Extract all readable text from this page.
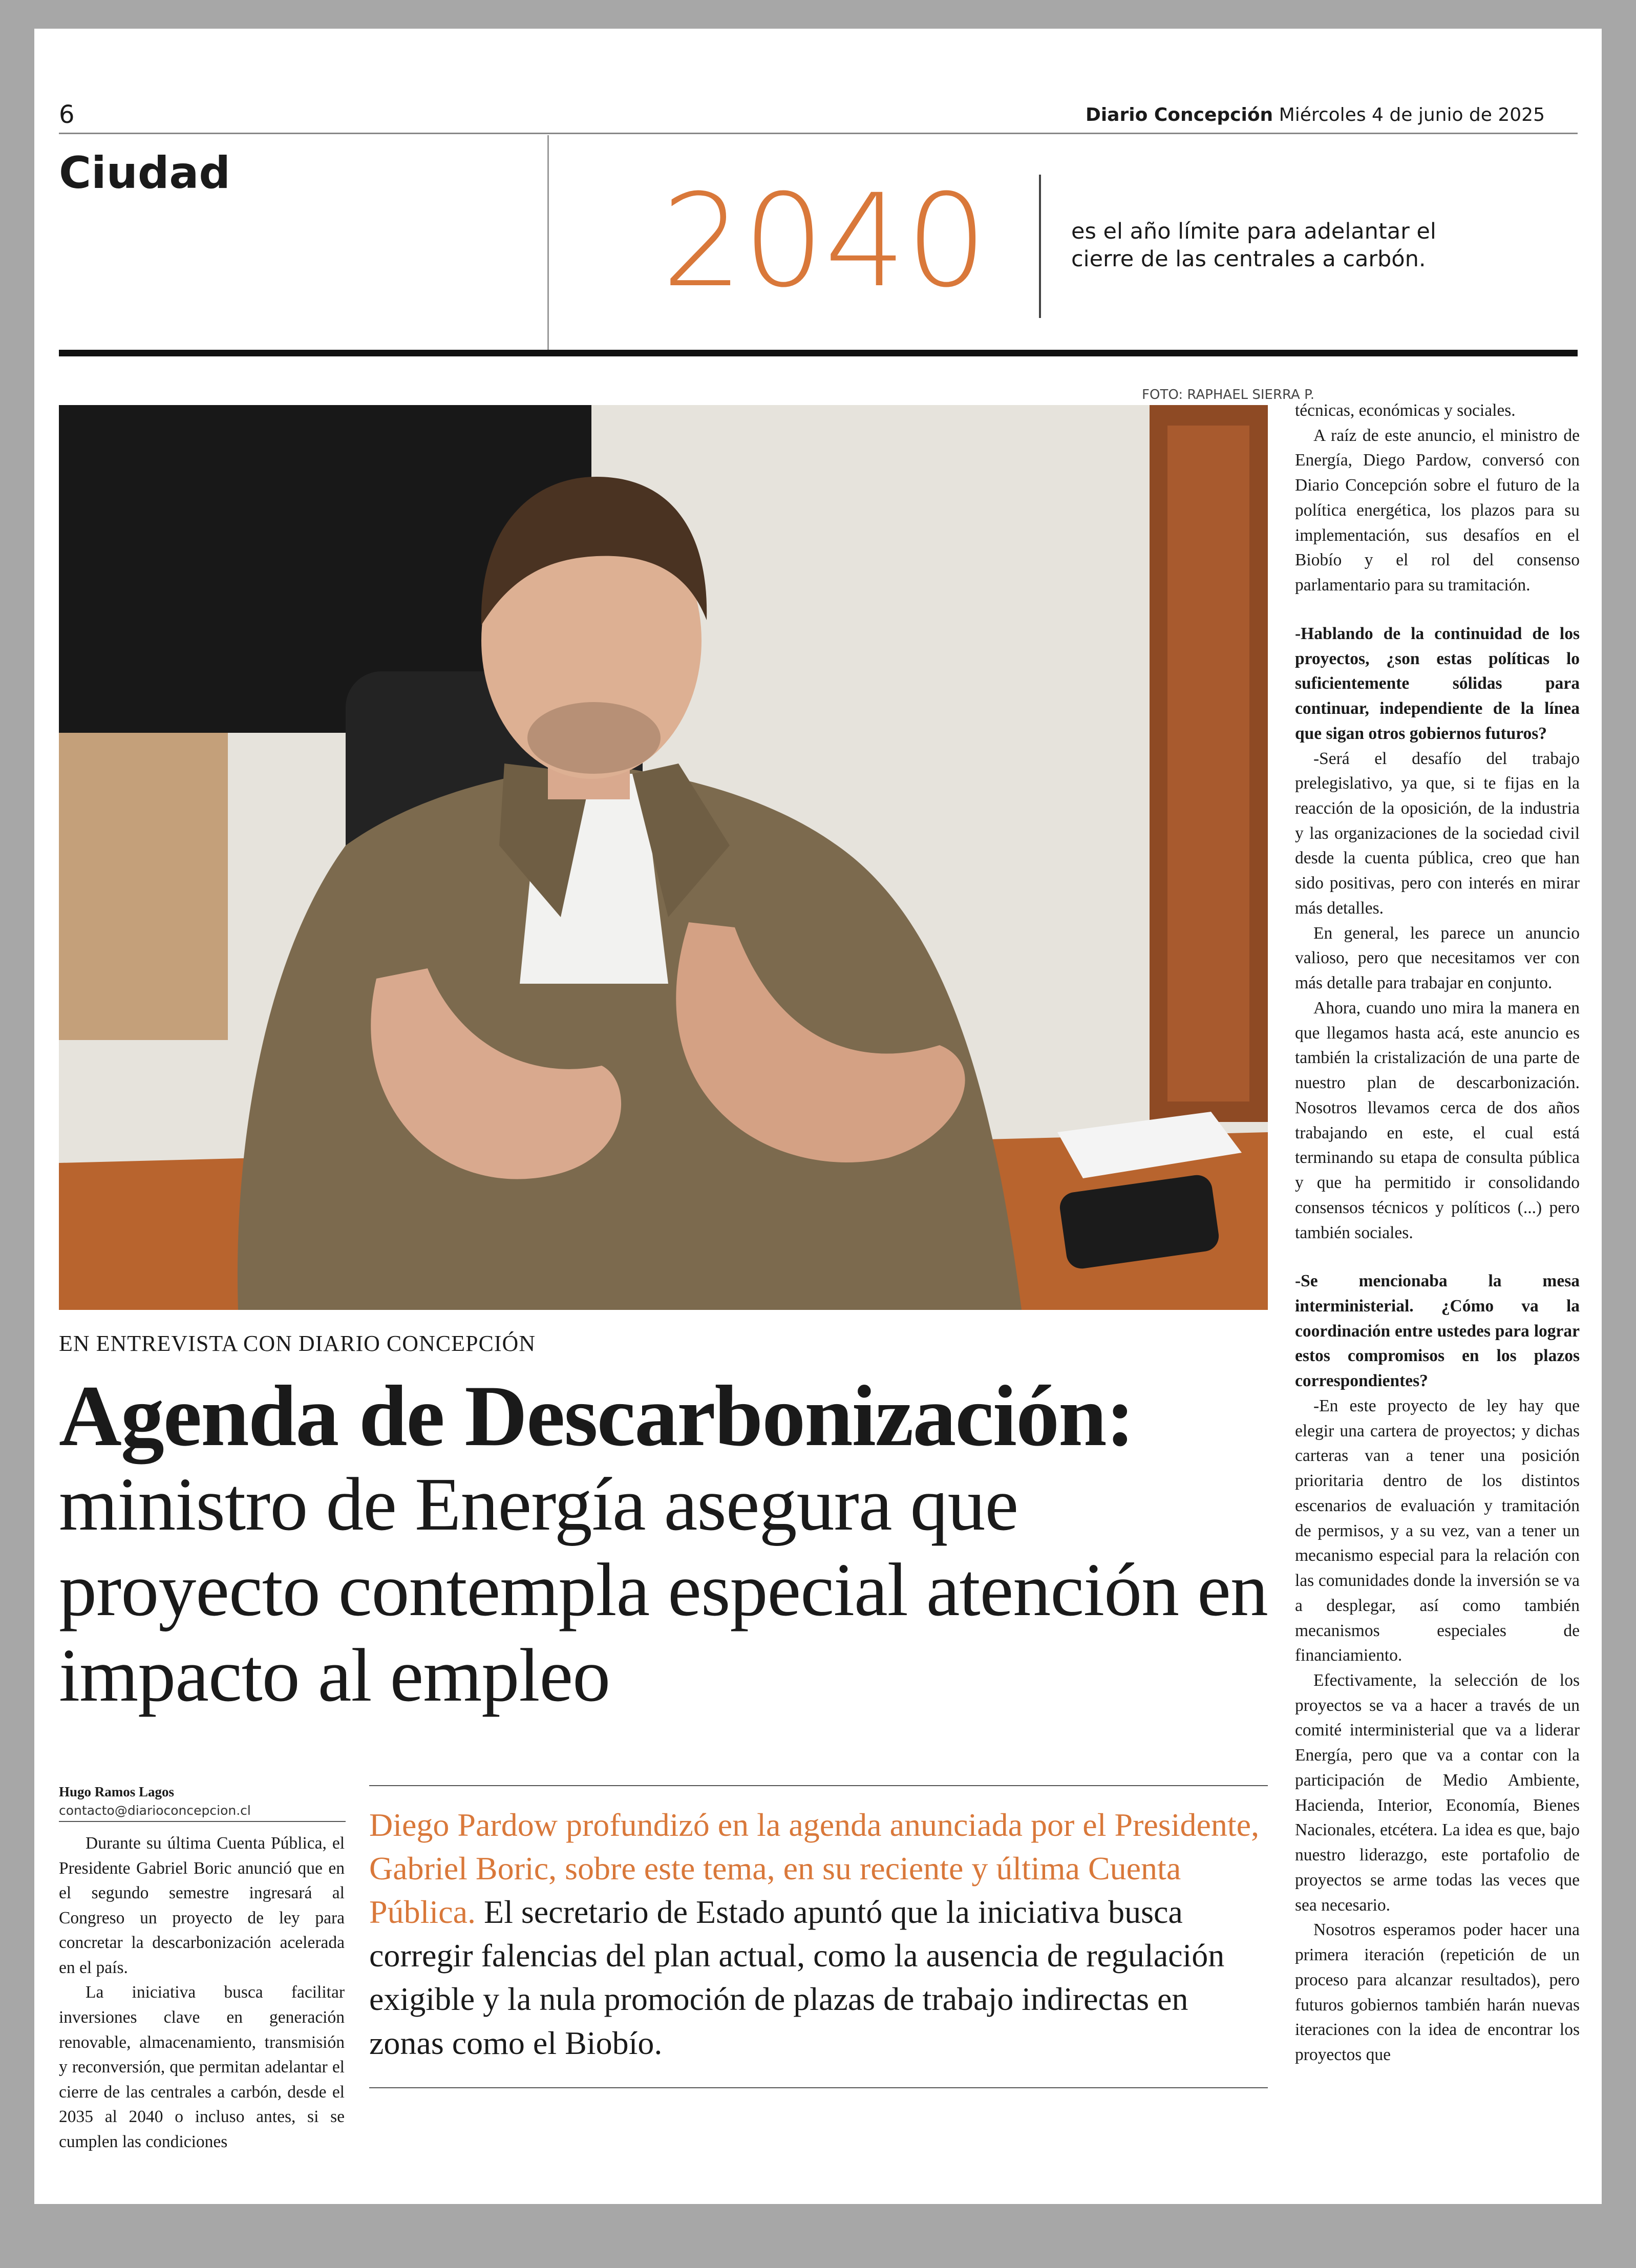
6	Diario Concepción Miércoles 4 de junio de 2025
Ciudad	2040	es el año límite para adelantar el cierre de las centrales a carbón.
FOTO: RAPHAEL SIERRA P.
EN ENTREVISTA CON DIARIO CONCEPCIÓN
Agenda de Descarbonización:
ministro de Energía asegura que proyecto contempla especial atención en impacto al empleo
Hugo Ramos Lagos
contacto@diarioconcepcion.cl

Durante su última Cuenta Pública, el Presidente Gabriel Boric anunció que en el segundo semestre ingresará al Congreso un proyecto de ley para concretar la descarbonización acelerada en el país.

La iniciativa busca facilitar inversiones clave en generación renovable, almacenamiento, transmisión y reconversión, que permitan adelantar el cierre de las centrales a carbón, desde el 2035 al 2040 o incluso antes, si se cumplen las condiciones

Diego Pardow profundizó en la agenda anunciada por el Presidente, Gabriel Boric, sobre este tema, en su reciente y última Cuenta Pública. El secretario de Estado apuntó que la iniciativa busca corregir falencias del plan actual, como la ausencia de regulación exigible y la nula promoción de plazas de trabajo indirectas en zonas como el Biobío.

técnicas, económicas y sociales.

A raíz de este anuncio, el ministro de Energía, Diego Pardow, conversó con Diario Concepción sobre el futuro de la política energética, los plazos para su implementación, sus desafíos en el Biobío y el rol del consenso parlamentario para su tramitación.

-Hablando de la continuidad de los proyectos, ¿son estas políticas lo suficientemente sólidas para continuar, independiente de la línea que sigan otros gobiernos futuros?

-Será el desafío del trabajo prelegislativo, ya que, si te fijas en la reacción de la oposición, de la industria y las organizaciones de la sociedad civil desde la cuenta pública, creo que han sido positivas, pero con interés en mirar más detalles.

En general, les parece un anuncio valioso, pero que necesitamos ver con más detalle para trabajar en conjunto.

Ahora, cuando uno mira la manera en que llegamos hasta acá, este anuncio es también la cristalización de una parte de nuestro plan de descarbonización. Nosotros llevamos cerca de dos años trabajando en este, el cual está terminando su etapa de consulta pública y que ha permitido ir consolidando consensos técnicos y políticos (...) pero también sociales.

-Se mencionaba la mesa interministerial. ¿Cómo va la coordinación entre ustedes para lograr estos compromisos en los plazos correspondientes?

-En este proyecto de ley hay que elegir una cartera de proyectos; y dichas carteras van a tener una posición prioritaria dentro de los distintos escenarios de evaluación y tramitación de permisos, y a su vez, van a tener un mecanismo especial para la relación con las comunidades donde la inversión se va a desplegar, así como también mecanismos especiales de financiamiento.

Efectivamente, la selección de los proyectos se va a hacer a través de un comité interministerial que va a liderar Energía, pero que va a contar con la participación de Medio Ambiente, Hacienda, Interior, Economía, Bienes Nacionales, etcétera. La idea es que, bajo nuestro liderazgo, este portafolio de proyectos se arme todas las veces que sea necesario.

Nosotros esperamos poder hacer una primera iteración (repetición de un proceso para alcanzar resultados), pero futuros gobiernos también harán nuevas iteraciones con la idea de encontrar los proyectos que
